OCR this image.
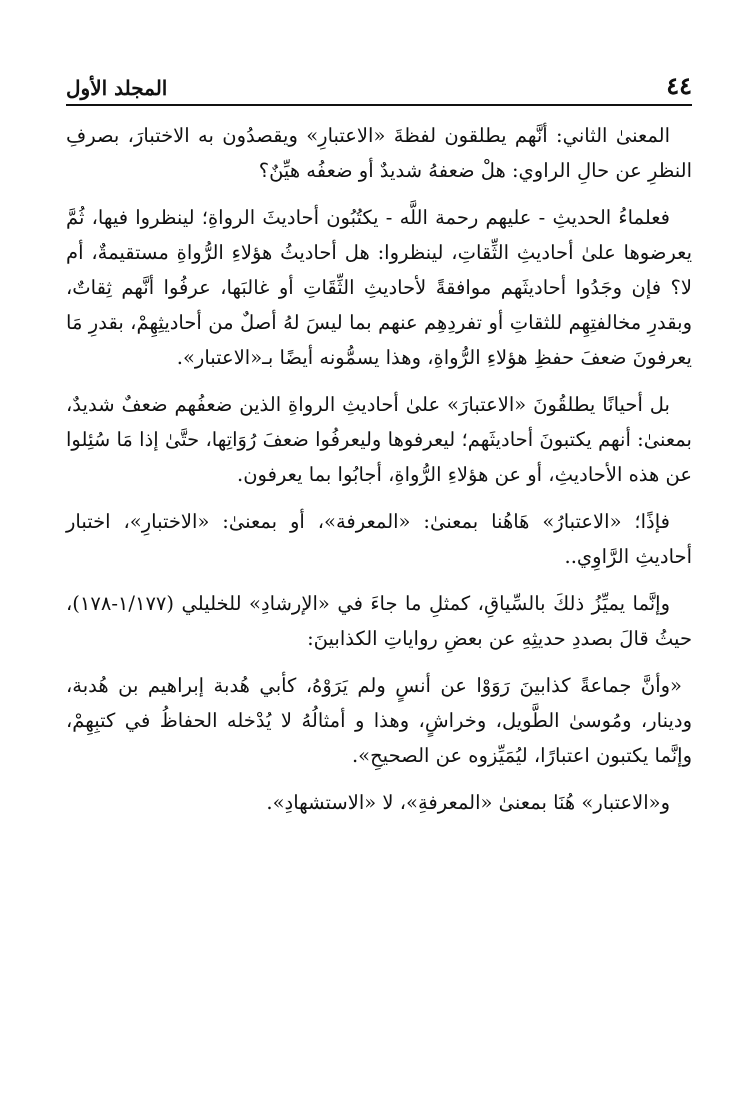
٤٤
المجلد الأول

المعنىٰ الثاني: أنَّهم يطلقون لفظةَ «الاعتبارِ» ويقصدُون به الاختبارَ، بصرفِ النظرِ عن حالِ الراوي: هلْ ضعفهُ شديدٌ أو ضعفُه هيِّنٌ؟

فعلماءُ الحديثِ - عليهم رحمة اللَّه - يكتُبُون أحاديثَ الرواةِ؛ لينظروا فيها، ثُمَّ يعرضوها علىٰ أحاديثِ الثِّقاتِ، لينظروا: هل أحاديثُ هؤلاءِ الرُّواةِ مستقيمةٌ، أم لا؟ فإن وجَدُوا أحاديثَهم موافقةً لأحاديثِ الثِّقَاتِ أو غالبَها، عرفُوا أنَّهم ثِقاتٌ، وبقدرِ مخالفتِهِم للثقاتِ أو تفردِهِم عنهم بما ليسَ لهُ أصلٌ من أحاديثِهِمْ، بقدرِ مَا يعرفونَ ضعفَ حفظِ هؤلاءِ الرُّواةِ، وهذا يسمُّونه أيضًا بـ«الاعتبار».

بل أحيانًا يطلقُونَ «الاعتبارَ» علىٰ أحاديثِ الرواةِ الذين ضعفُهم ضعفٌ شديدٌ، بمعنىٰ: أنهم يكتبونَ أحاديثَهم؛ ليعرفوها وليعرفُوا ضعفَ رُوَاتِها، حتَّىٰ إذا مَا سُئِلوا عن هذه الأحاديثِ، أو عن هؤلاءِ الرُّواةِ، أجابُوا بما يعرفون.

فإذًا؛ «الاعتبارُ» هَاهُنا بمعنىٰ: «المعرفة»، أو بمعنىٰ: «الاختبارِ»، اختبار أحاديثِ الرَّاوِي..

وإنَّما يميِّزُ ذلكَ بالسِّياقِ، كمثلِ ما جاءَ في «الإرشادِ» للخليلي (١/١٧٧-١٧٨)، حيثُ قالَ بصددِ حديثِهِ عن بعضِ رواياتِ الكذابينَ:

«وأنَّ جماعةً كذابينَ رَوَوْا عن أنسٍ ولم يَرَوْهُ، كأبي هُدبة إبراهيم بن هُدبة، ودينار، ومُوسىٰ الطَّويل، وخراشٍ، وهذا و أمثالُهُ لا يُدْخله الحفاظُ في كتبِهِمْ، وإنَّما يكتبون اعتبارًا، ليُمَيِّزوه عن الصحيحِ».

و«الاعتبار» هُنَا بمعنىٰ «المعرفةِ»، لا «الاستشهادِ».
